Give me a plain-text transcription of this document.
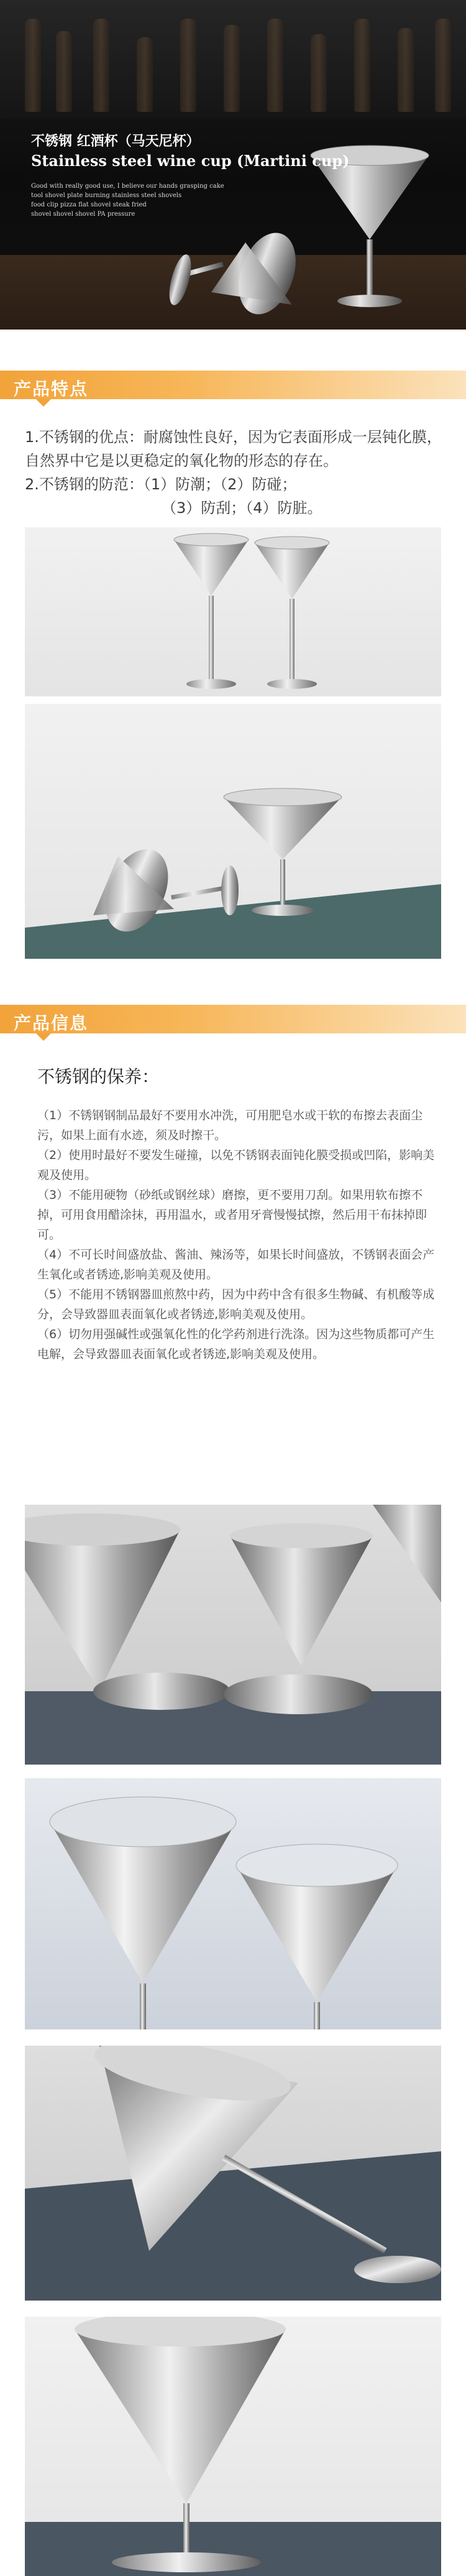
不锈钢 红酒杯（马天尼杯）
Stainless steel wine cup (Martini cup)
Good with really good use, I believe our hands grasping cake
tool shovel plate burning stainless steel shovels
food clip pizza flat shovel steak fried
shovel shovel shovel PA pressure
产品特点

1.不锈钢的优点：耐腐蚀性良好，因为它表面形成一层钝化膜，自然界中它是以更稳定的氧化物的形态的存在。

2.不锈钢的防范：（1）防潮；（2）防碰；

（3）防刮；（4）防脏。

产品信息
不锈钢的保养：

（1）不锈钢钢制品最好不要用水冲洗，可用肥皂水或干软的布擦去表面尘污，如果上面有水迹，须及时擦干。

（2）使用时最好不要发生碰撞，以免不锈钢表面钝化膜受损或凹陷，影响美观及使用。

（3）不能用硬物（砂纸或钢丝球）磨擦，更不要用刀刮。如果用软布擦不掉，可用食用醋涂抹，再用温水，或者用牙膏慢慢拭擦，然后用干布抹掉即可。

（4）不可长时间盛放盐、酱油、辣汤等，如果长时间盛放，不锈钢表面会产生氧化或者锈迹,影响美观及使用。

（5）不能用不锈钢器皿煎熬中药，因为中药中含有很多生物碱、有机酸等成分，会导致器皿表面氧化或者锈迹,影响美观及使用。

（6）切勿用强碱性或强氧化性的化学药剂进行洗涤。因为这些物质都可产生电解，会导致器皿表面氧化或者锈迹,影响美观及使用。
